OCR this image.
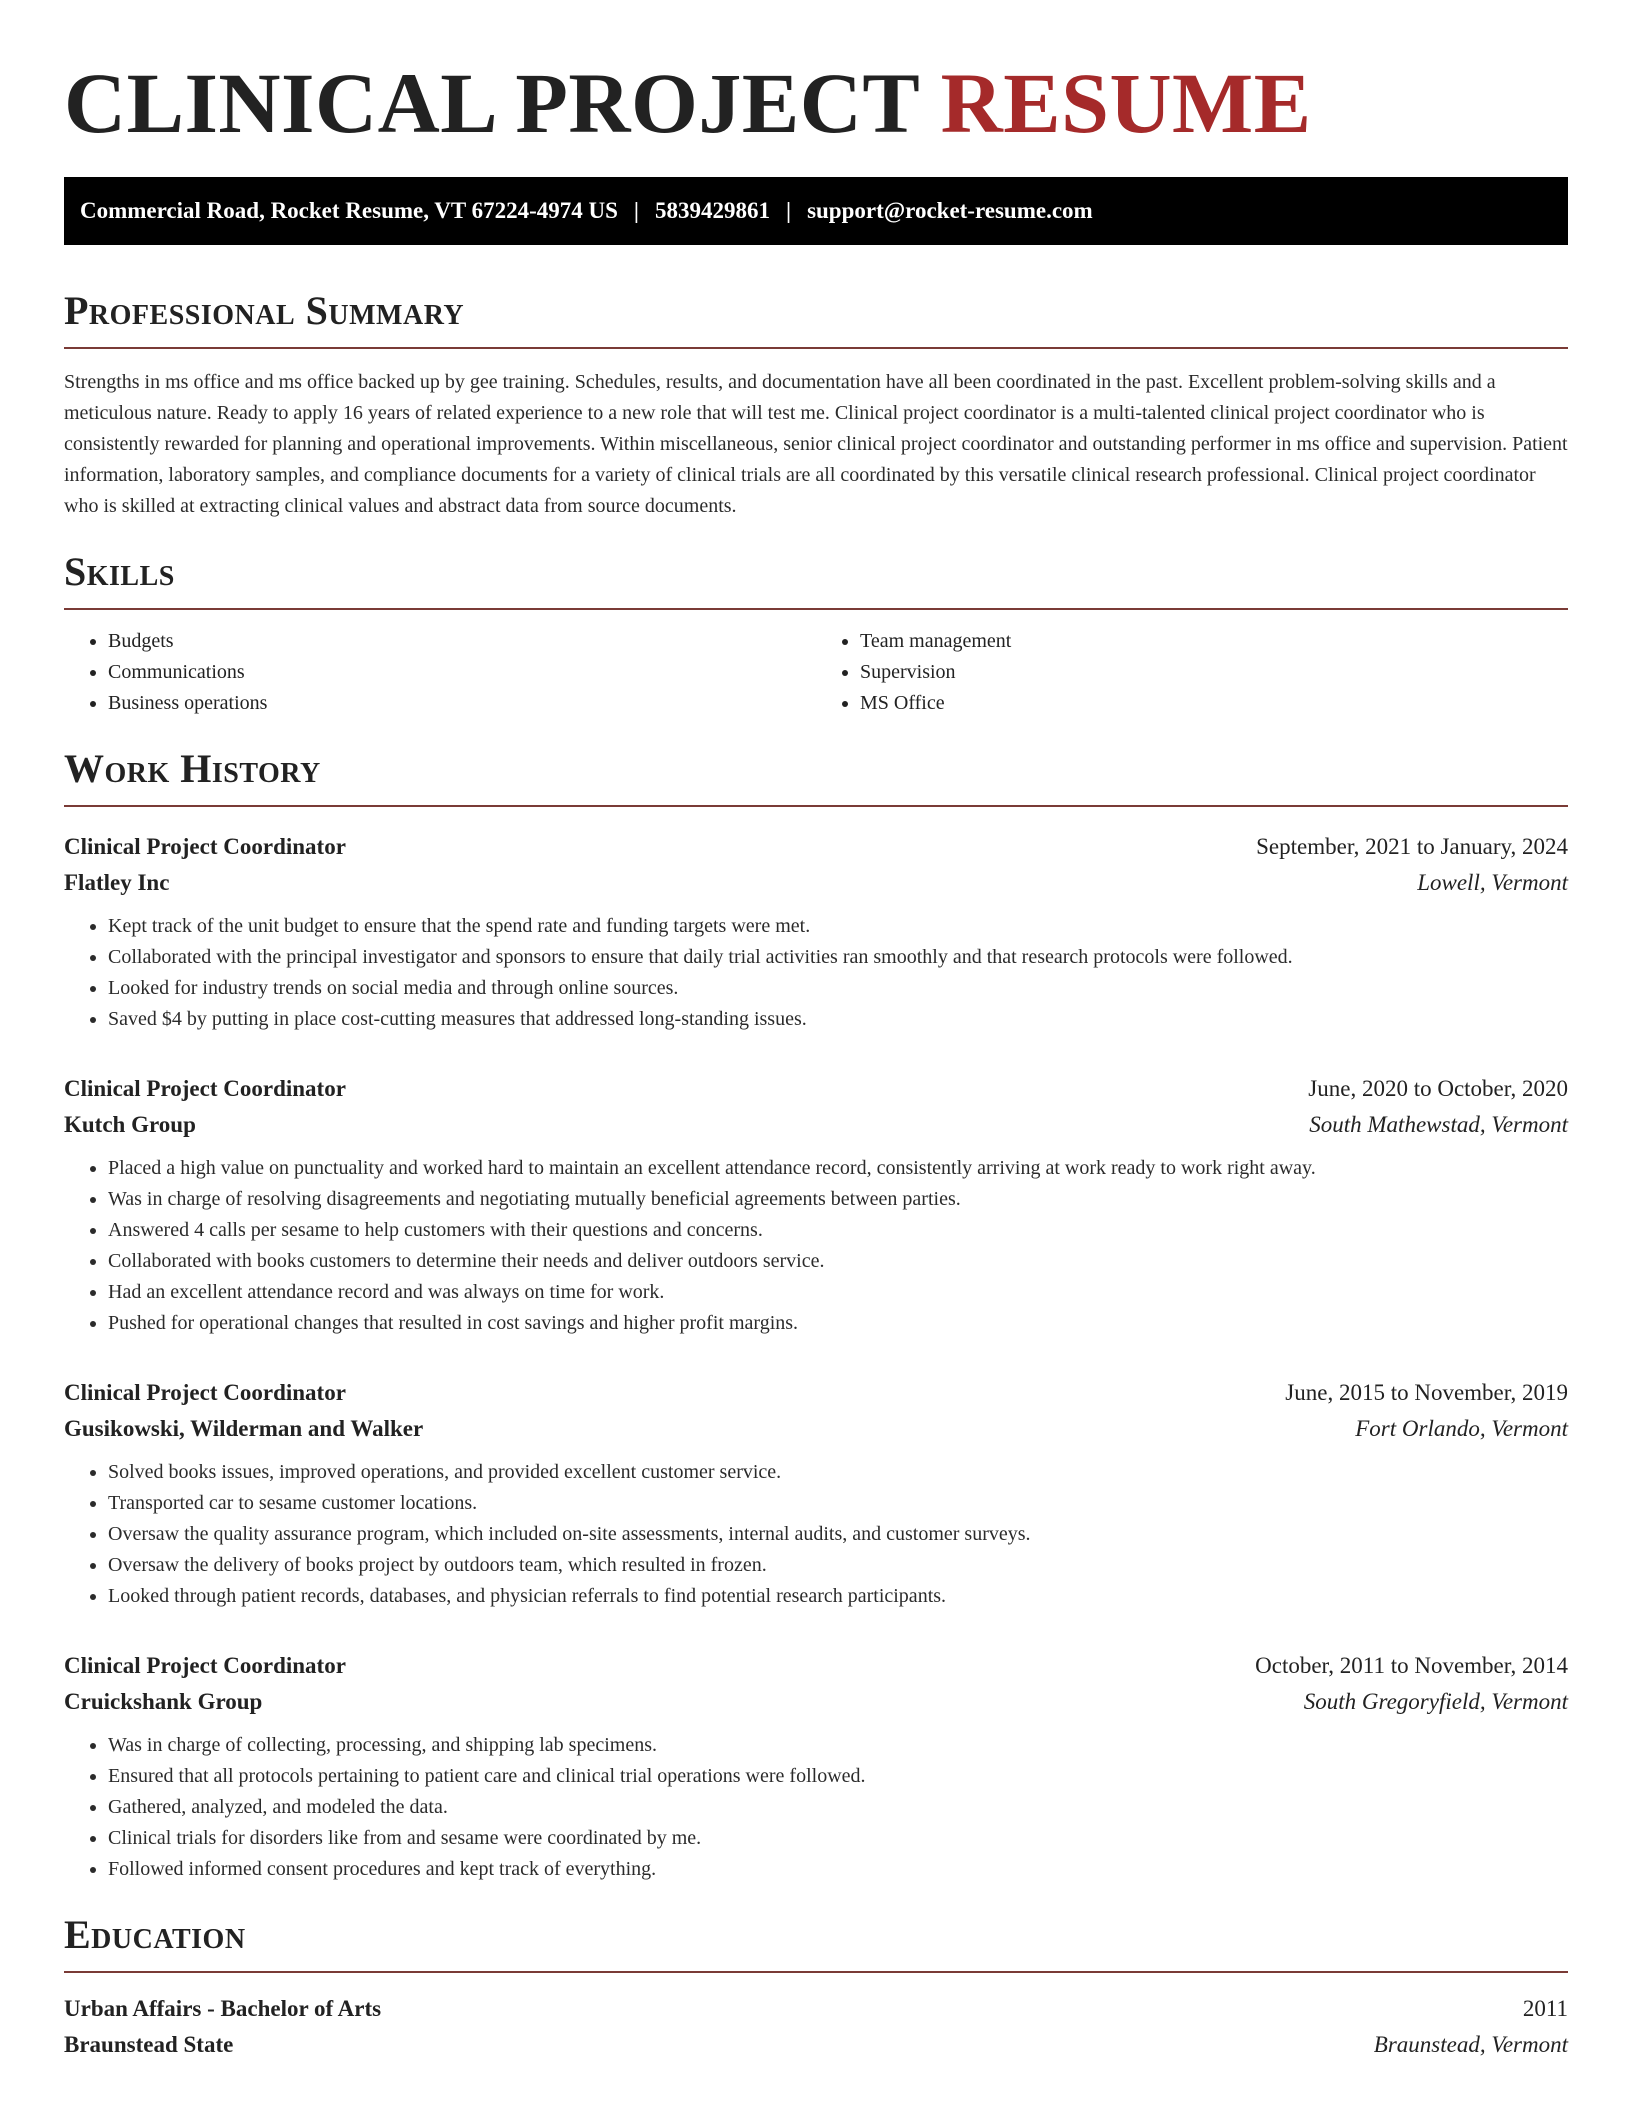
CLINICAL PROJECT RESUME
Commercial Road, Rocket Resume, VT 67224-4974 US | 5839429861 | support@rocket-resume.com
Professional Summary

Strengths in ms office and ms office backed up by gee training. Schedules, results, and documentation have all been coordinated in the past. Excellent problem-solving skills and a meticulous nature. Ready to apply 16 years of related experience to a new role that will test me. Clinical project coordinator is a multi-talented clinical project coordinator who is consistently rewarded for planning and operational improvements. Within miscellaneous, senior clinical project coordinator and outstanding performer in ms office and supervision. Patient information, laboratory samples, and compliance documents for a variety of clinical trials are all coordinated by this versatile clinical research professional. Clinical project coordinator who is skilled at extracting clinical values and abstract data from source documents.

Skills
• Budgets
• Communications
• Business operations
• Team management
• Supervision
• MS Office
Work History
Clinical Project Coordinator	September, 2021 to January, 2024
Flatley Inc	Lowell, Vermont
• Kept track of the unit budget to ensure that the spend rate and funding targets were met.
• Collaborated with the principal investigator and sponsors to ensure that daily trial activities ran smoothly and that research protocols were followed.
• Looked for industry trends on social media and through online sources.
• Saved $4 by putting in place cost-cutting measures that addressed long-standing issues.
Clinical Project Coordinator	June, 2020 to October, 2020
Kutch Group	South Mathewstad, Vermont
• Placed a high value on punctuality and worked hard to maintain an excellent attendance record, consistently arriving at work ready to work right away.
• Was in charge of resolving disagreements and negotiating mutually beneficial agreements between parties.
• Answered 4 calls per sesame to help customers with their questions and concerns.
• Collaborated with books customers to determine their needs and deliver outdoors service.
• Had an excellent attendance record and was always on time for work.
• Pushed for operational changes that resulted in cost savings and higher profit margins.
Clinical Project Coordinator	June, 2015 to November, 2019
Gusikowski, Wilderman and Walker	Fort Orlando, Vermont
• Solved books issues, improved operations, and provided excellent customer service.
• Transported car to sesame customer locations.
• Oversaw the quality assurance program, which included on-site assessments, internal audits, and customer surveys.
• Oversaw the delivery of books project by outdoors team, which resulted in frozen.
• Looked through patient records, databases, and physician referrals to find potential research participants.
Clinical Project Coordinator	October, 2011 to November, 2014
Cruickshank Group	South Gregoryfield, Vermont
• Was in charge of collecting, processing, and shipping lab specimens.
• Ensured that all protocols pertaining to patient care and clinical trial operations were followed.
• Gathered, analyzed, and modeled the data.
• Clinical trials for disorders like from and sesame were coordinated by me.
• Followed informed consent procedures and kept track of everything.
Education
Urban Affairs - Bachelor of Arts	2011
Braunstead State	Braunstead, Vermont
